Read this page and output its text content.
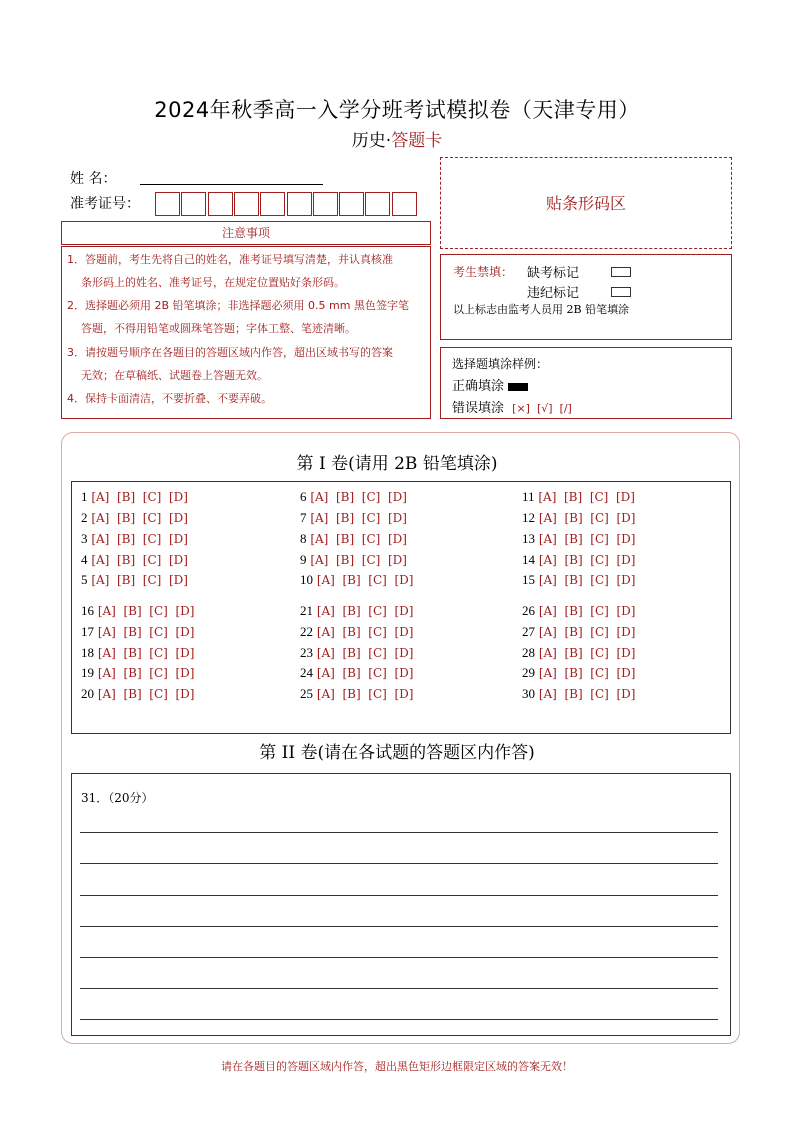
2024年秋季高一入学分班考试模拟卷（天津专用）
历史·答题卡
姓 名：
准考证号：	贴条形码区
注意事项
1．答题前，考生先将自己的姓名，准考证号填写清楚，并认真核准
条形码上的姓名、准考证号，在规定位置贴好条形码。
2．选择题必须用 2B 铅笔填涂；非选择题必须用 0.5 mm 黑色签字笔
答题，不得用铅笔或圆珠笔答题；字体工整、笔迹清晰。
3．请按题号顺序在各题目的答题区域内作答，超出区域书写的答案
无效；在草稿纸、试题卷上答题无效。
4．保持卡面清洁，不要折叠、不要弄破。
考生禁填： 缺考标记
违纪标记
以上标志由监考人员用 2B 铅笔填涂
选择题填涂样例：
正确填涂
错误填涂 [×]  [√]  [/]
第 I 卷(请用 2B 铅笔填涂)
1 [A]  [B]  [C]  [D]
2 [A]  [B]  [C]  [D]
3 [A]  [B]  [C]  [D]
4 [A]  [B]  [C]  [D]
5 [A]  [B]  [C]  [D]
6 [A]  [B]  [C]  [D]
7 [A]  [B]  [C]  [D]
8 [A]  [B]  [C]  [D]
9 [A]  [B]  [C]  [D]
10 [A]  [B]  [C]  [D]
11 [A]  [B]  [C]  [D]
12 [A]  [B]  [C]  [D]
13 [A]  [B]  [C]  [D]
14 [A]  [B]  [C]  [D]
15 [A]  [B]  [C]  [D]
16 [A]  [B]  [C]  [D]
17 [A]  [B]  [C]  [D]
18 [A]  [B]  [C]  [D]
19 [A]  [B]  [C]  [D]
20 [A]  [B]  [C]  [D]
21 [A]  [B]  [C]  [D]
22 [A]  [B]  [C]  [D]
23 [A]  [B]  [C]  [D]
24 [A]  [B]  [C]  [D]
25 [A]  [B]  [C]  [D]
26 [A]  [B]  [C]  [D]
27 [A]  [B]  [C]  [D]
28 [A]  [B]  [C]  [D]
29 [A]  [B]  [C]  [D]
30 [A]  [B]  [C]  [D]
第 II 卷(请在各试题的答题区内作答)
31．（20分）
请在各题目的答题区域内作答，超出黑色矩形边框限定区域的答案无效！
